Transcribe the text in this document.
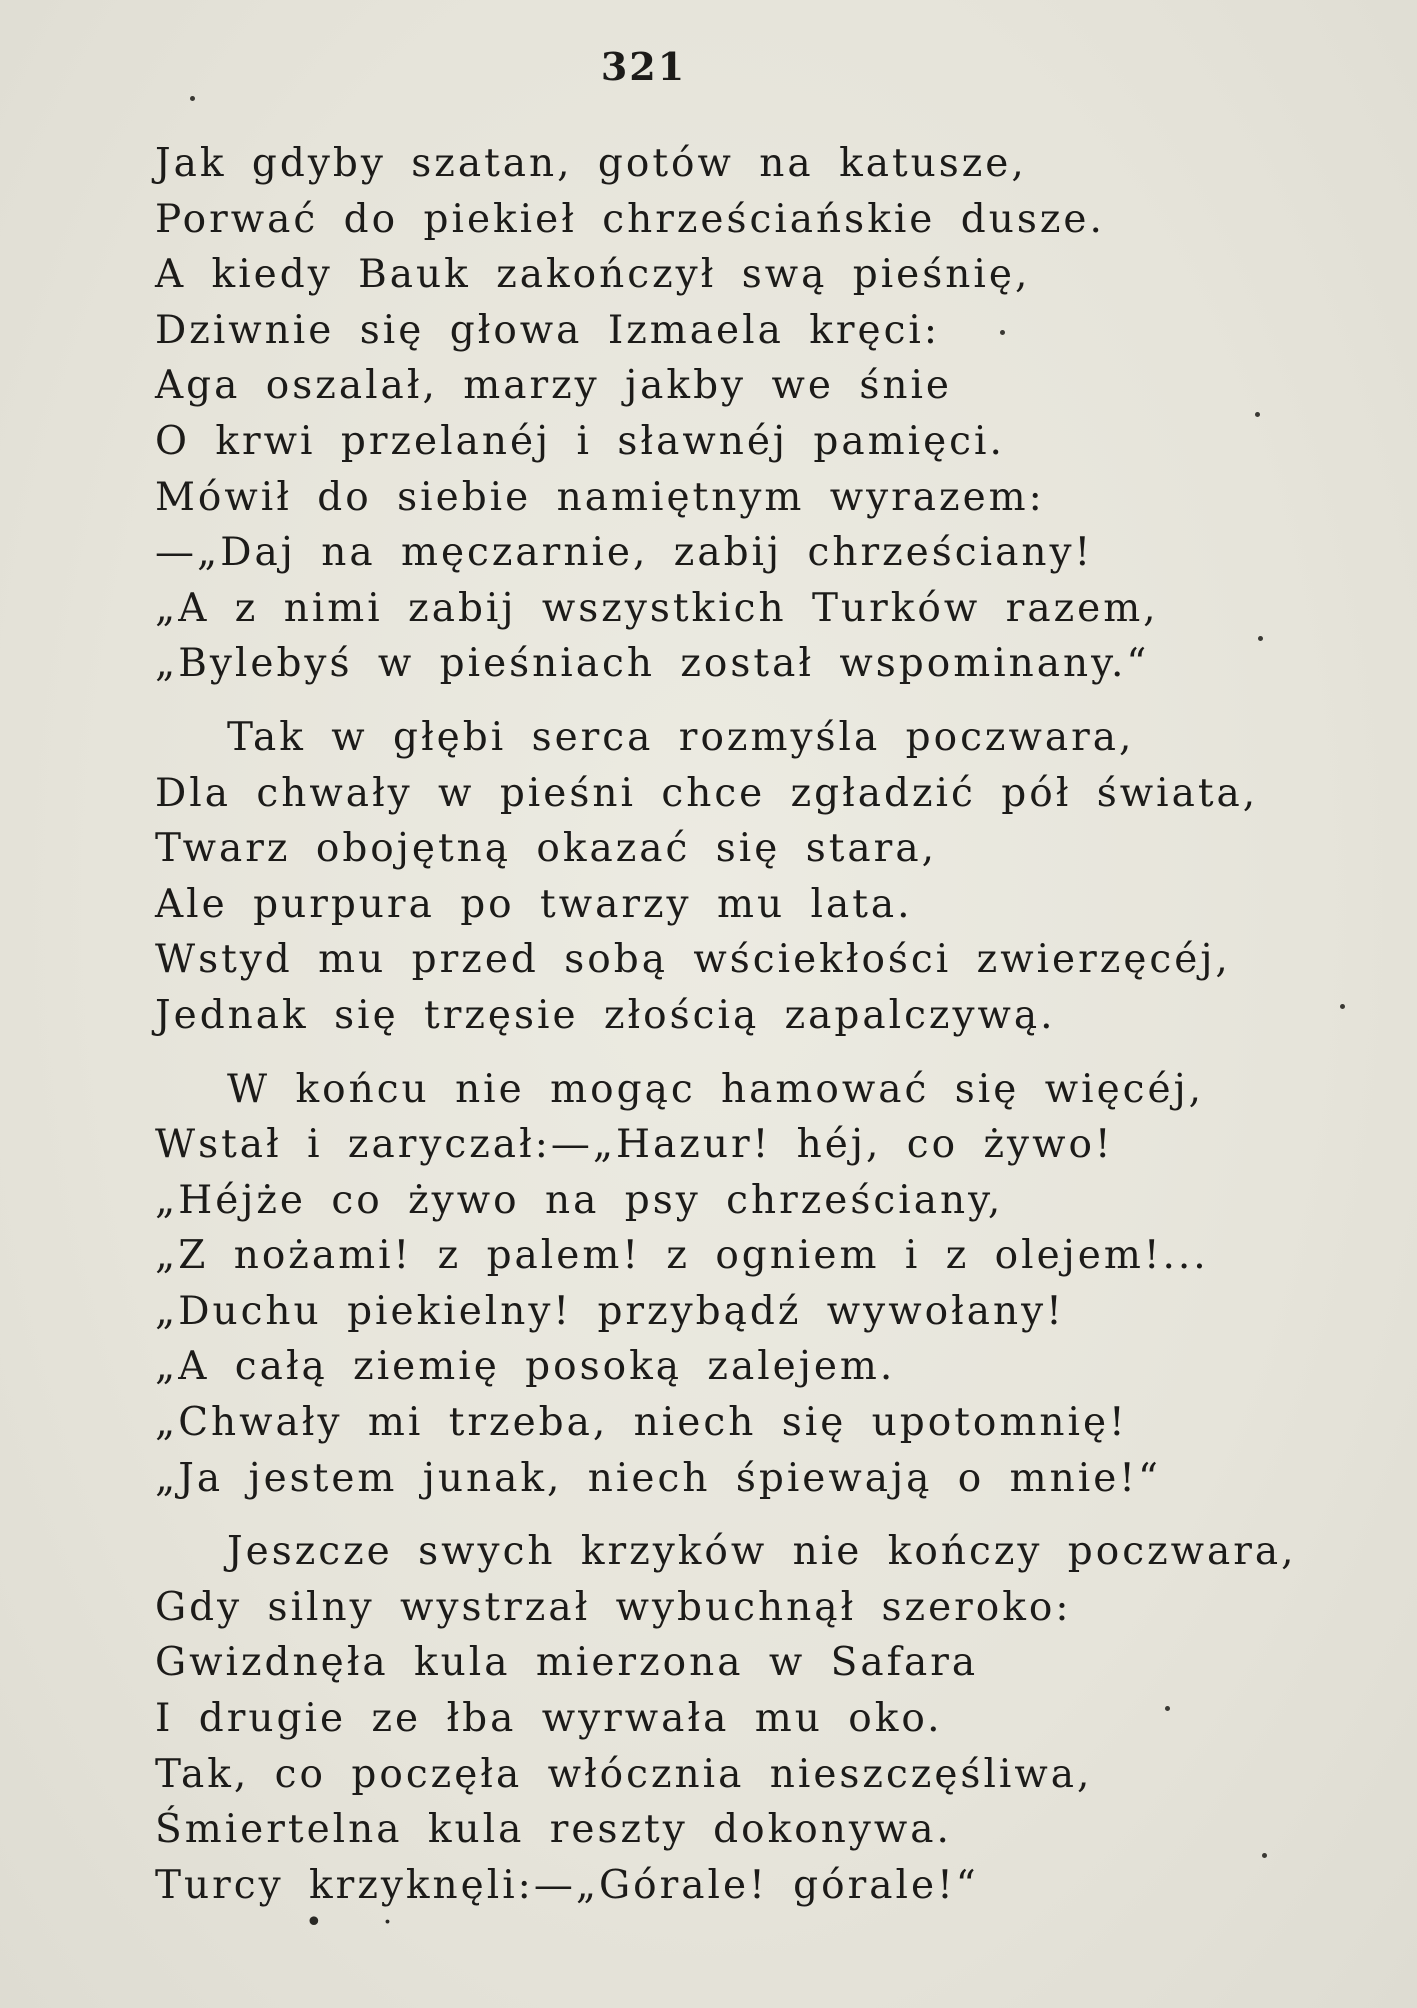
321
Jak gdyby szatan, gotów na katusze,
Porwać do piekieł chrześciańskie dusze.
A kiedy Bauk zakończył swą pieśnię,
Dziwnie się głowa Izmaela kręci:
Aga oszalał, marzy jakby we śnie
O krwi przelanéj i sławnéj pamięci.
Mówił do siebie namiętnym wyrazem:
—„Daj na męczarnie, zabij chrześciany!
„A z nimi zabij wszystkich Turków razem,
„Bylebyś w pieśniach został wspominany.“
Tak w głębi serca rozmyśla poczwara,
Dla chwały w pieśni chce zgładzić pół świata,
Twarz obojętną okazać się stara,
Ale purpura po twarzy mu lata.
Wstyd mu przed sobą wściekłości zwierzęcéj,
Jednak się trzęsie złością zapalczywą.
W końcu nie mogąc hamować się więcéj,
Wstał i zaryczał:—„Hazur! héj, co żywo!
„Héjże co żywo na psy chrześciany,
„Z nożami! z palem! z ogniem i z olejem!...
„Duchu piekielny! przybądź wywołany!
„A całą ziemię posoką zalejem.
„Chwały mi trzeba, niech się upotomnię!
„Ja jestem junak, niech śpiewają o mnie!“
Jeszcze swych krzyków nie kończy poczwara,
Gdy silny wystrzał wybuchnął szeroko:
Gwizdnęła kula mierzona w Safara
I drugie ze łba wyrwała mu oko.
Tak, co poczęła włócznia nieszczęśliwa,
Śmiertelna kula reszty dokonywa.
Turcy krzyknęli:—„Górale! górale!“
•·
